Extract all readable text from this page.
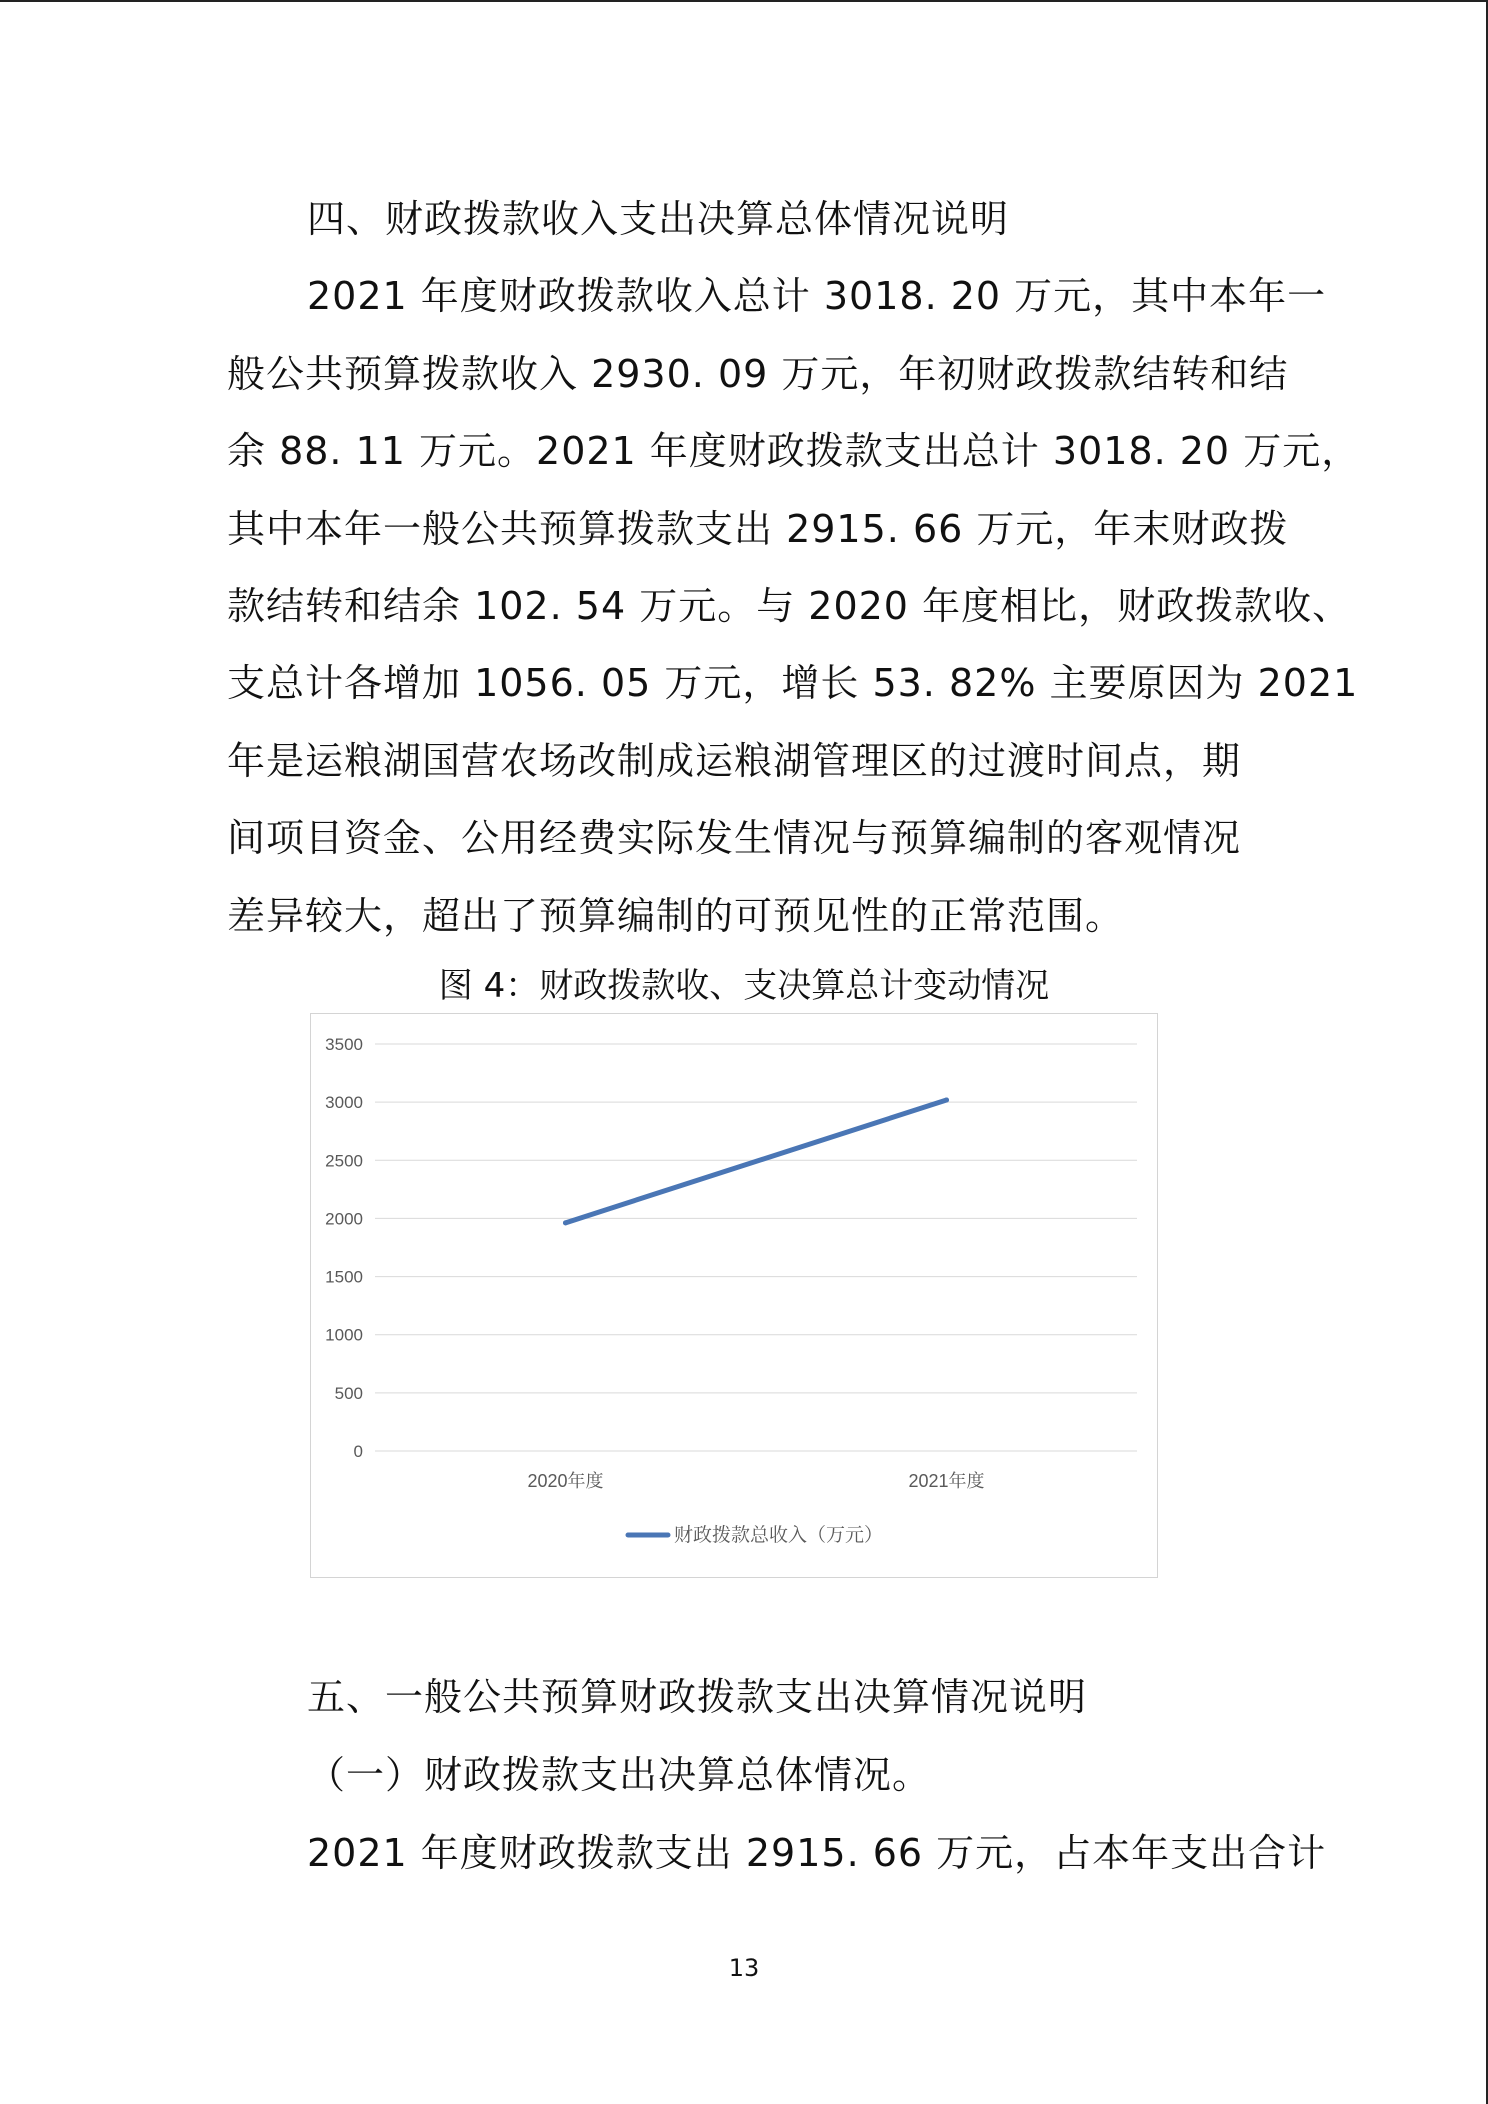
四、财政拨款收入支出决算总体情况说明
2021 年度财政拨款收入总计 3018. 20 万元，其中本年一
般公共预算拨款收入 2930. 09 万元，年初财政拨款结转和结
余 88. 11 万元。2021 年度财政拨款支出总计 3018. 20 万元，
其中本年一般公共预算拨款支出 2915. 66 万元，年末财政拨
款结转和结余 102. 54 万元。与 2020 年度相比，财政拨款收、
支总计各增加 1056. 05 万元，增长 53. 82% 主要原因为 2021
年是运粮湖国营农场改制成运粮湖管理区的过渡时间点，期
间项目资金、公用经费实际发生情况与预算编制的客观情况
差异较大，超出了预算编制的可预见性的正常范围。
图 4：财政拨款收、支决算总计变动情况
0
500
1000
1500
2000
2500
3000
3500
2020年度	2021年度
财政拨款总收入（万元）
五、一般公共预算财政拨款支出决算情况说明
（一）财政拨款支出决算总体情况。
2021 年度财政拨款支出 2915. 66 万元，占本年支出合计
13
